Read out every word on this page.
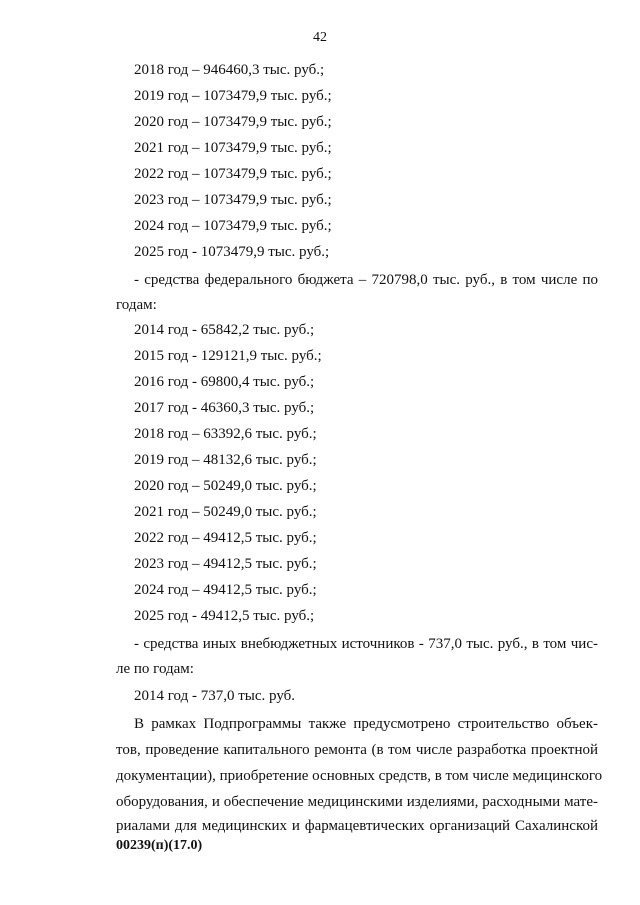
42
2018 год – 946460,3 тыс. руб.;
2019 год – 1073479,9 тыс. руб.;
2020 год – 1073479,9 тыс. руб.;
2021 год – 1073479,9 тыс. руб.;
2022 год – 1073479,9 тыс. руб.;
2023 год – 1073479,9 тыс. руб.;
2024 год – 1073479,9 тыс. руб.;
2025 год - 1073479,9 тыс. руб.;
- средства федерального бюджета – 720798,0 тыс. руб., в том числе по
годам:
2014 год - 65842,2 тыс. руб.;
2015 год - 129121,9 тыс. руб.;
2016 год - 69800,4 тыс. руб.;
2017 год - 46360,3 тыс. руб.;
2018 год – 63392,6 тыс. руб.;
2019 год – 48132,6 тыс. руб.;
2020 год – 50249,0 тыс. руб.;
2021 год – 50249,0 тыс. руб.;
2022 год – 49412,5 тыс. руб.;
2023 год – 49412,5 тыс. руб.;
2024 год – 49412,5 тыс. руб.;
2025 год - 49412,5 тыс. руб.;
- средства иных внебюджетных источников - 737,0 тыс. руб., в том чис-
ле по годам:
2014 год - 737,0 тыс. руб.
В рамках Подпрограммы также предусмотрено строительство объек-
тов, проведение капитального ремонта (в том числе разработка проектной
документации), приобретение основных средств, в том числе медицинского
оборудования, и обеспечение медицинскими изделиями, расходными мате-
риалами для медицинских и фармацевтических организаций Сахалинской
00239(п)(17.0)
